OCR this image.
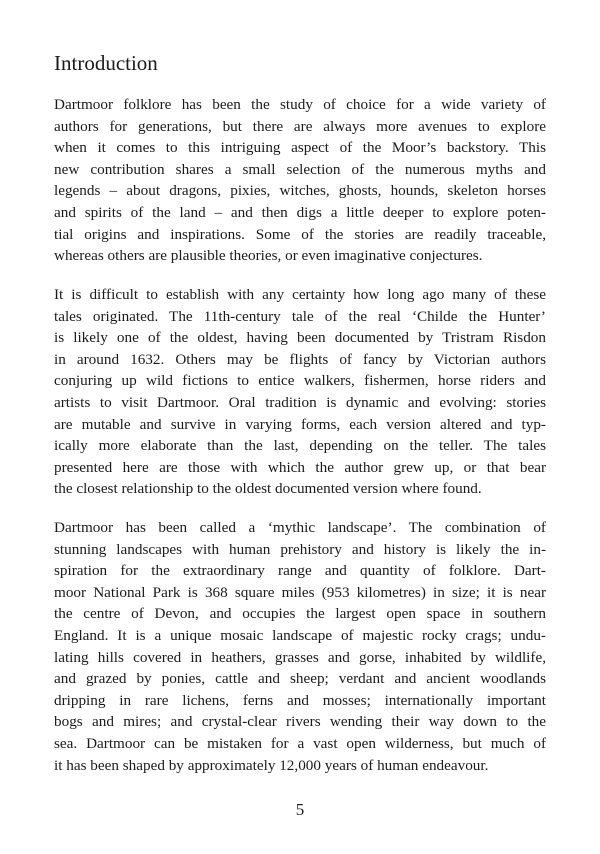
Introduction
Dartmoor folklore has been the study of choice for a wide variety of
authors for generations, but there are always more avenues to explore
when it comes to this intriguing aspect of the Moor’s backstory. This
new contribution shares a small selection of the numerous myths and
legends – about dragons, pixies, witches, ghosts, hounds, skeleton horses
and spirits of the land – and then digs a little deeper to explore poten-
tial origins and inspirations. Some of the stories are readily traceable,
whereas others are plausible theories, or even imaginative conjectures.
It is difficult to establish with any certainty how long ago many of these
tales originated. The 11th-century tale of the real ‘Childe the Hunter’
is likely one of the oldest, having been documented by Tristram Risdon
in around 1632. Others may be flights of fancy by Victorian authors
conjuring up wild fictions to entice walkers, fishermen, horse riders and
artists to visit Dartmoor. Oral tradition is dynamic and evolving: stories
are mutable and survive in varying forms, each version altered and typ-
ically more elaborate than the last, depending on the teller. The tales
presented here are those with which the author grew up, or that bear
the closest relationship to the oldest documented version where found.
Dartmoor has been called a ‘mythic landscape’. The combination of
stunning landscapes with human prehistory and history is likely the in-
spiration for the extraordinary range and quantity of folklore. Dart-
moor National Park is 368 square miles (953 kilometres) in size; it is near
the centre of Devon, and occupies the largest open space in southern
England. It is a unique mosaic landscape of majestic rocky crags; undu-
lating hills covered in heathers, grasses and gorse, inhabited by wildlife,
and grazed by ponies, cattle and sheep; verdant and ancient woodlands
dripping in rare lichens, ferns and mosses; internationally important
bogs and mires; and crystal-clear rivers wending their way down to the
sea. Dartmoor can be mistaken for a vast open wilderness, but much of
it has been shaped by approximately 12,000 years of human endeavour.

5
